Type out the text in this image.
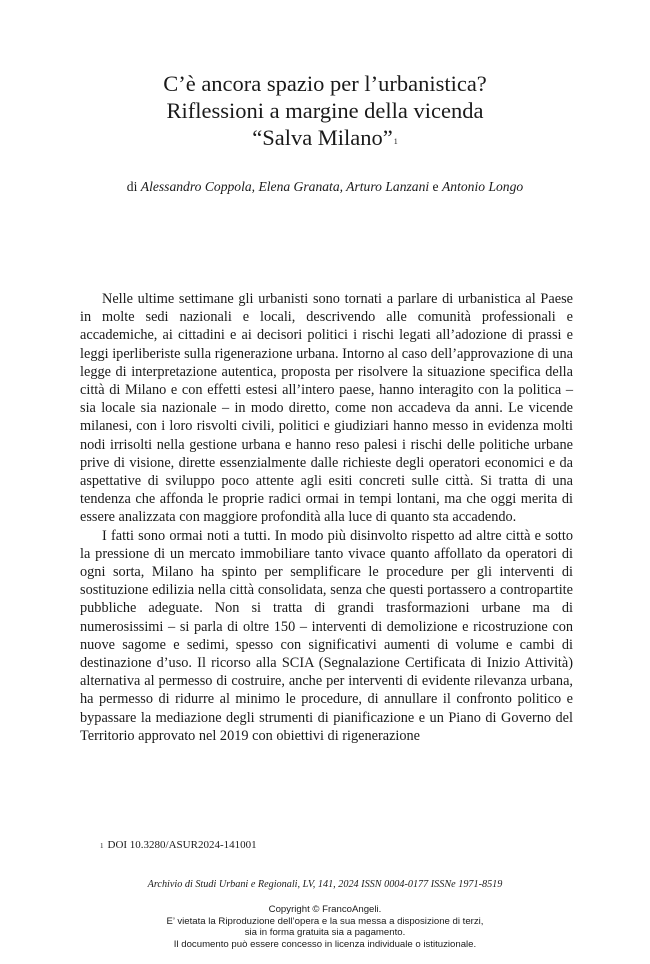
C’è ancora spazio per l’urbanistica?
Riflessioni a margine della vicenda
“Salva Milano”$^1$
di Alessandro Coppola, Elena Granata, Arturo Lanzani e Antonio Longo

Nelle ultime settimane gli urbanisti sono tornati a parlare di urbanistica al Paese in molte sedi nazionali e locali, descrivendo alle comunità professionali e accademiche, ai cittadini e ai decisori politici i rischi legati all’adozione di prassi e leggi iperliberiste sulla rigenerazione urbana. Intorno al caso dell’approvazione di una legge di interpretazione autentica, proposta per risolvere la situazione specifica della città di Milano e con effetti estesi all’intero paese, hanno interagito con la politica – sia locale sia nazionale – in modo diretto, come non accadeva da anni. Le vicende milanesi, con i loro risvolti civili, politici e giudiziari hanno messo in evidenza molti nodi irrisolti nella gestione urbana e hanno reso palesi i rischi delle politiche urbane prive di visione, dirette essenzialmente dalle richieste degli operatori economici e da aspettative di sviluppo poco attente agli esiti concreti sulle città. Si tratta di una tendenza che affonda le proprie radici ormai in tempi lontani, ma che oggi merita di essere analizzata con maggiore profondità alla luce di quanto sta accadendo.

I fatti sono ormai noti a tutti. In modo più disinvolto rispetto ad altre città e sotto la pressione di un mercato immobiliare tanto vivace quanto affollato da operatori di ogni sorta, Milano ha spinto per semplificare le procedure per gli interventi di sostituzione edilizia nella città consolidata, senza che questi portassero a contropartite pubbliche adeguate. Non si tratta di grandi trasformazioni urbane ma di numerosissimi – si parla di oltre 150 – interventi di demolizione e ricostruzione con nuove sagome e sedimi, spesso con significativi aumenti di volume e cambi di destinazione d’uso. Il ricorso alla SCIA (Segnalazione Certificata di Inizio Attività) alternativa al permesso di costruire, anche per interventi di evidente rilevanza urbana, ha permesso di ridurre al minimo le procedure, di annullare il confronto politico e bypassare la mediazione degli strumenti di pianificazione e un Piano di Governo del Territorio approvato nel 2019 con obiettivi di rigenerazione

$^1$ DOI 10.3280/ASUR2024-141001
Archivio di Studi Urbani e Regionali, LV, 141, 2024 ISSN 0004-0177 ISSNe 1971-8519
Copyright © FrancoAngeli.
E’ vietata la Riproduzione dell’opera e la sua messa a disposizione di terzi,
sia in forma gratuita sia a pagamento.
Il documento può essere concesso in licenza individuale o istituzionale.
